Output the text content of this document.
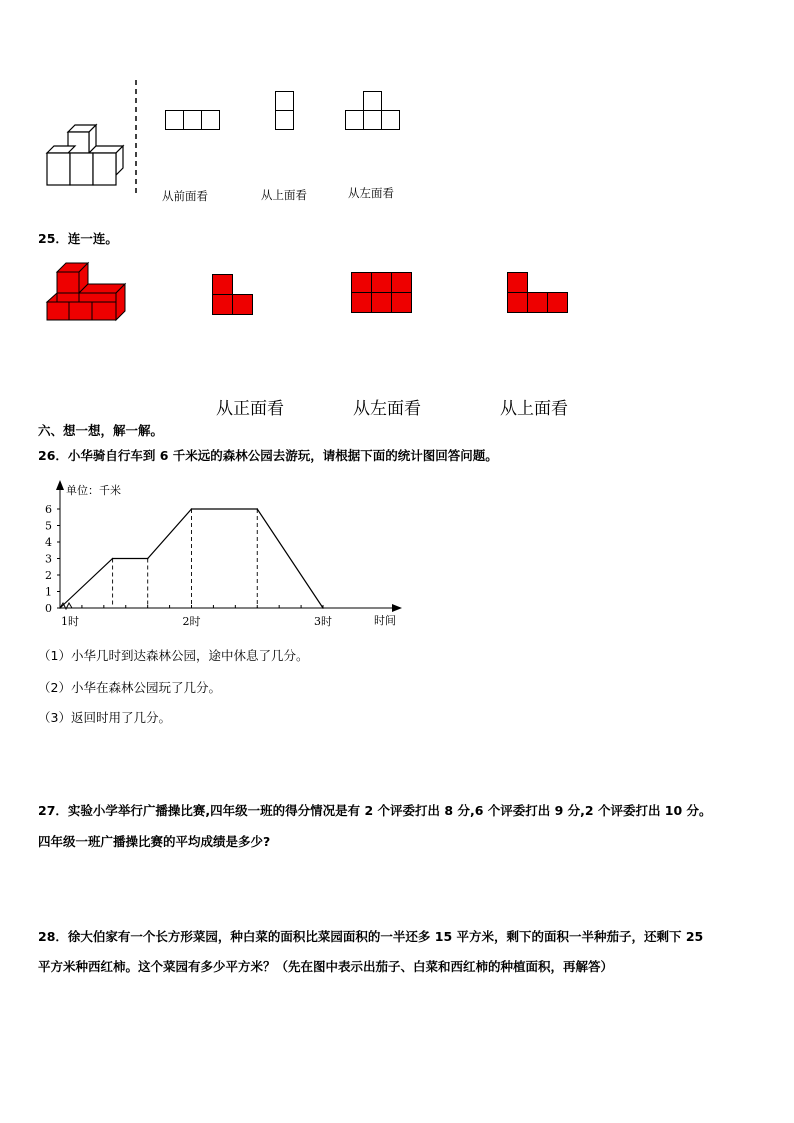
从前面看	从上面看	从左面看
25．连一连。
从正面看	从左面看	从上面看
六、想一想，解一解。
26．小华骑自行车到 6 千米远的森林公园去游玩，请根据下面的统计图回答问题。
0
1
2
3
4
5
6
1时	2时	3时
单位：千米
时间
（1）小华几时到达森林公园，途中休息了几分。
（2）小华在森林公园玩了几分。
（3）返回时用了几分。
27．实验小学举行广播操比赛,四年级一班的得分情况是有 2 个评委打出 8 分,6 个评委打出 9 分,2 个评委打出 10 分。
四年级一班广播操比赛的平均成绩是多少?
28．徐大伯家有一个长方形菜园，种白菜的面积比菜园面积的一半还多 15 平方米，剩下的面积一半种茄子，还剩下 25
平方米种西红柿。这个菜园有多少平方米？（先在图中表示出茄子、白菜和西红柿的种植面积，再解答）
